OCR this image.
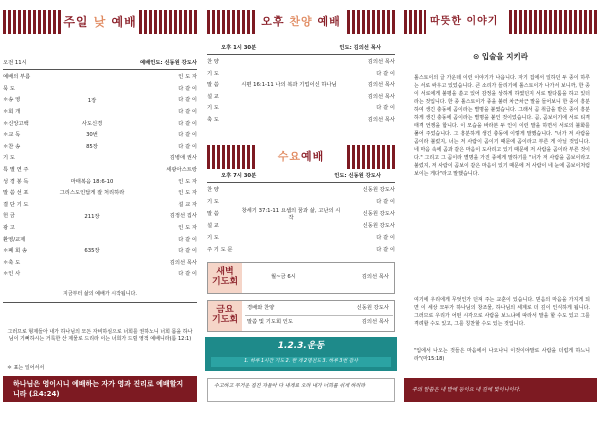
주일 낮 예배
오전 11시	예배인도: 신동원 강도사
예배의 부름	인 도 자
묵 도	다 같 이
＊송 영	1장	다 같 이
＊회 개	다 같 이
＊신앙고백	사도신경	다 같 이
＊교 독	30번	다 같 이
＊찬 송	85장	다 같 이
기 도	김병애 권사
특 별 연 주	세광아스트랑
성 경 봉 독	마태복음 18:6-10	인 도 자
말 씀 선 포	그리스도인답게 잘 처리하라	인 도 자
결 단 기 도	설 교 자
헌 금	211장	김정선 집사
광 고	인 도 자
환영/교제	다 같 이
＊폐 회 송	635장	다 같 이
＊축 도	김의선 목사
＊인 사	다 같 이
지금부터 삶의 예배가 시작됩니다.
그러므로 형제들아 내가 하나님의 모든 자비하심으로 너희를 권하노니 너희 몸을 하나님이 기뻐하시는 거룩한 산 제물로 드리라 이는 너희가 드릴 영적 예배니라(롬 12:1)
＊ 표는 일어서서
하나님은 영이시니 예배하는 자가 영과 진리로 예배할지니라 (요4:24)
오후 찬양 예배
오후 1시 30분	인도: 김의선 목사
찬 양	김의선 목사
기 도	다 같 이
말 씀	시편 16:1-11 나의 복과 기업이신 하나님	김의선 목사
설 교	김의선 목사
기 도	다 같 이
축 도	김의선 목사
수요예배
오후 7시 30분	인도: 신동원 강도사
찬 양	신동원 강도사
기 도	다 같 이
말 씀	창세기 37:1-11 요셉의 꿈과 삶, 고난의 시작
신동원 강도사
설 교	신동원 강도사
기 도	다 같 이
주 기 도 문	다 같 이
새벽
기도회	월~금 6시	김의선 목사
금요
기도회
경배와 찬양	신동원 강도사
말씀 및 기도회 인도	김의선 목사
1.2.3.운동
1. 하루 1시간 기도 2. 한 개 2명전도 3. 하루 3번 감사
수고하고 무거운 짐진 자들아 다 내게로 오라 내가 너희를 쉬게 하리라
따뜻한 이야기
⊙ 입술을 지키라
톨스토이의 글 가운데 이런 이야기가 나옵니다. 자기 집에서 일하던 두 종이 하루는 서로 싸우고 있었습니다. 큰 소리가 들리기에 톨스토이가 나가서 보니까, 한 종이 서로에게 불평을 쏟고 있어 감정을 상하게 하였던지 서로 말다툼을 하고 있더라는 것입니다. 한 종 톨스토이가 종을 불러 차근차근 말을 들어보니 한 종이 흥분하여 생긴 충동에 곰이라는 별명을 붙였습니다. 그래서 곰 취급을 받은 종이 흥분하게 생긴 충동에 곰이라는 별명을 붙인 것이었습니다. 곰, 곰보이기에 서로 티격태격 언쟁을 합니다. 이 모습을 바라본 두 인이 이런 말을 하면서 서로의 불화를 풀어 주었습니다. 그 흥분하게 생긴 충동에 이렇게 말했습니다. "너가 저 사람을 곰이라 불렀지, 너는 저 사람이 곰이기 때문에 곰이라고 부른 게 아닐 것입니다. 네 마음 속에 곰과 같은 마음이 도사리고 있기 때문에 저 사람을 곰이라 부른 것이다." 그리고 그 곰이라 별명을 가진 종에게 말하기를 "너가 저 사람을 곰보이라고 불렀지, 저 사람이 곰보이 같은 마음이 있기 때문에 저 사람이 네 눈에 곰보이처럼 보이는 게다"라고 말했습니다.
여기에 우리에게 무엇인가 던져 주는 교훈이 있습니다. 믿음의 마음을 가지게 되면 이 세상 모두가 하나님의 창조물, 하나님의 세계로 더 깊이 인식하게 됩니다. 그러므로 우리가 어떤 시각으로 사람을 보느냐에 따라서 말을 할 수도 있고 그를 격려할 수도 있고, 그를 칭찬할 수도 있는 것입니다.
"입에서 나오는 것들은 마음에서 나오나니 이것이야말로 사람을 더럽게 하느니라"(마15:18)
주의 말씀은 내 발에 등이요 내 길에 빛이니이다.
